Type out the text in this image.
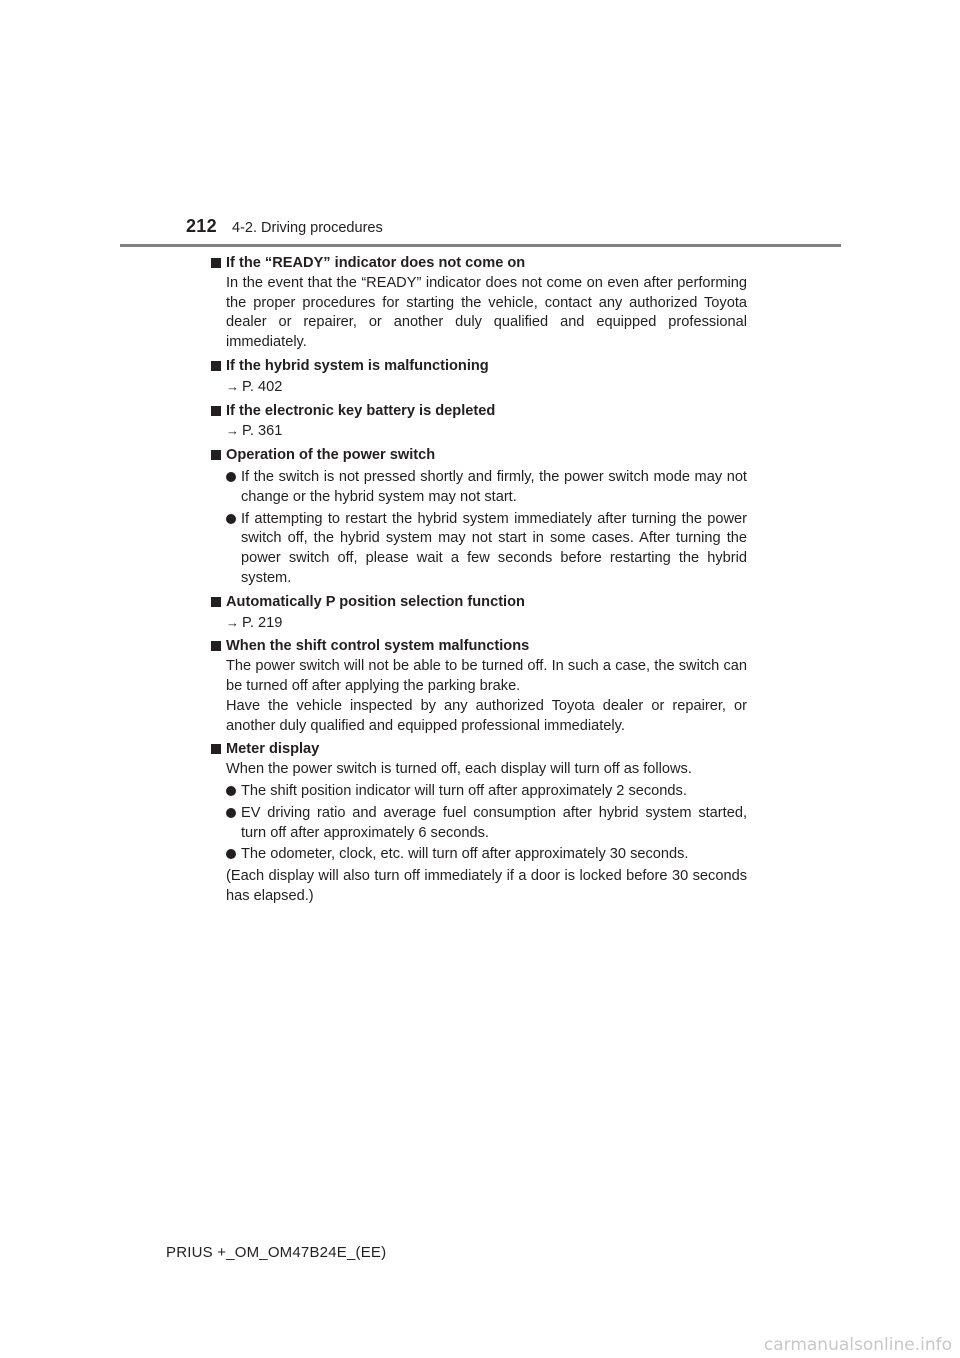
212 4-2. Driving procedures
If the “READY” indicator does not come on
In the event that the “READY” indicator does not come on even after performing the proper procedures for starting the vehicle, contact any authorized Toyota dealer or repairer, or another duly qualified and equipped professional immediately.
If the hybrid system is malfunctioning
→ P. 402
If the electronic key battery is depleted
→ P. 361
Operation of the power switch
If the switch is not pressed shortly and firmly, the power switch mode may not change or the hybrid system may not start.
If attempting to restart the hybrid system immediately after turning the power switch off, the hybrid system may not start in some cases. After turning the power switch off, please wait a few seconds before restarting the hybrid system.
Automatically P position selection function
→ P. 219
When the shift control system malfunctions
The power switch will not be able to be turned off. In such a case, the switch can be turned off after applying the parking brake.
Have the vehicle inspected by any authorized Toyota dealer or repairer, or another duly qualified and equipped professional immediately.
Meter display
When the power switch is turned off, each display will turn off as follows.
The shift position indicator will turn off after approximately 2 seconds.
EV driving ratio and average fuel consumption after hybrid system started, turn off after approximately 6 seconds.
The odometer, clock, etc. will turn off after approximately 30 seconds.
(Each display will also turn off immediately if a door is locked before 30 seconds has elapsed.)
PRIUS +_OM_OM47B24E_(EE)
carmanualsonline.info
